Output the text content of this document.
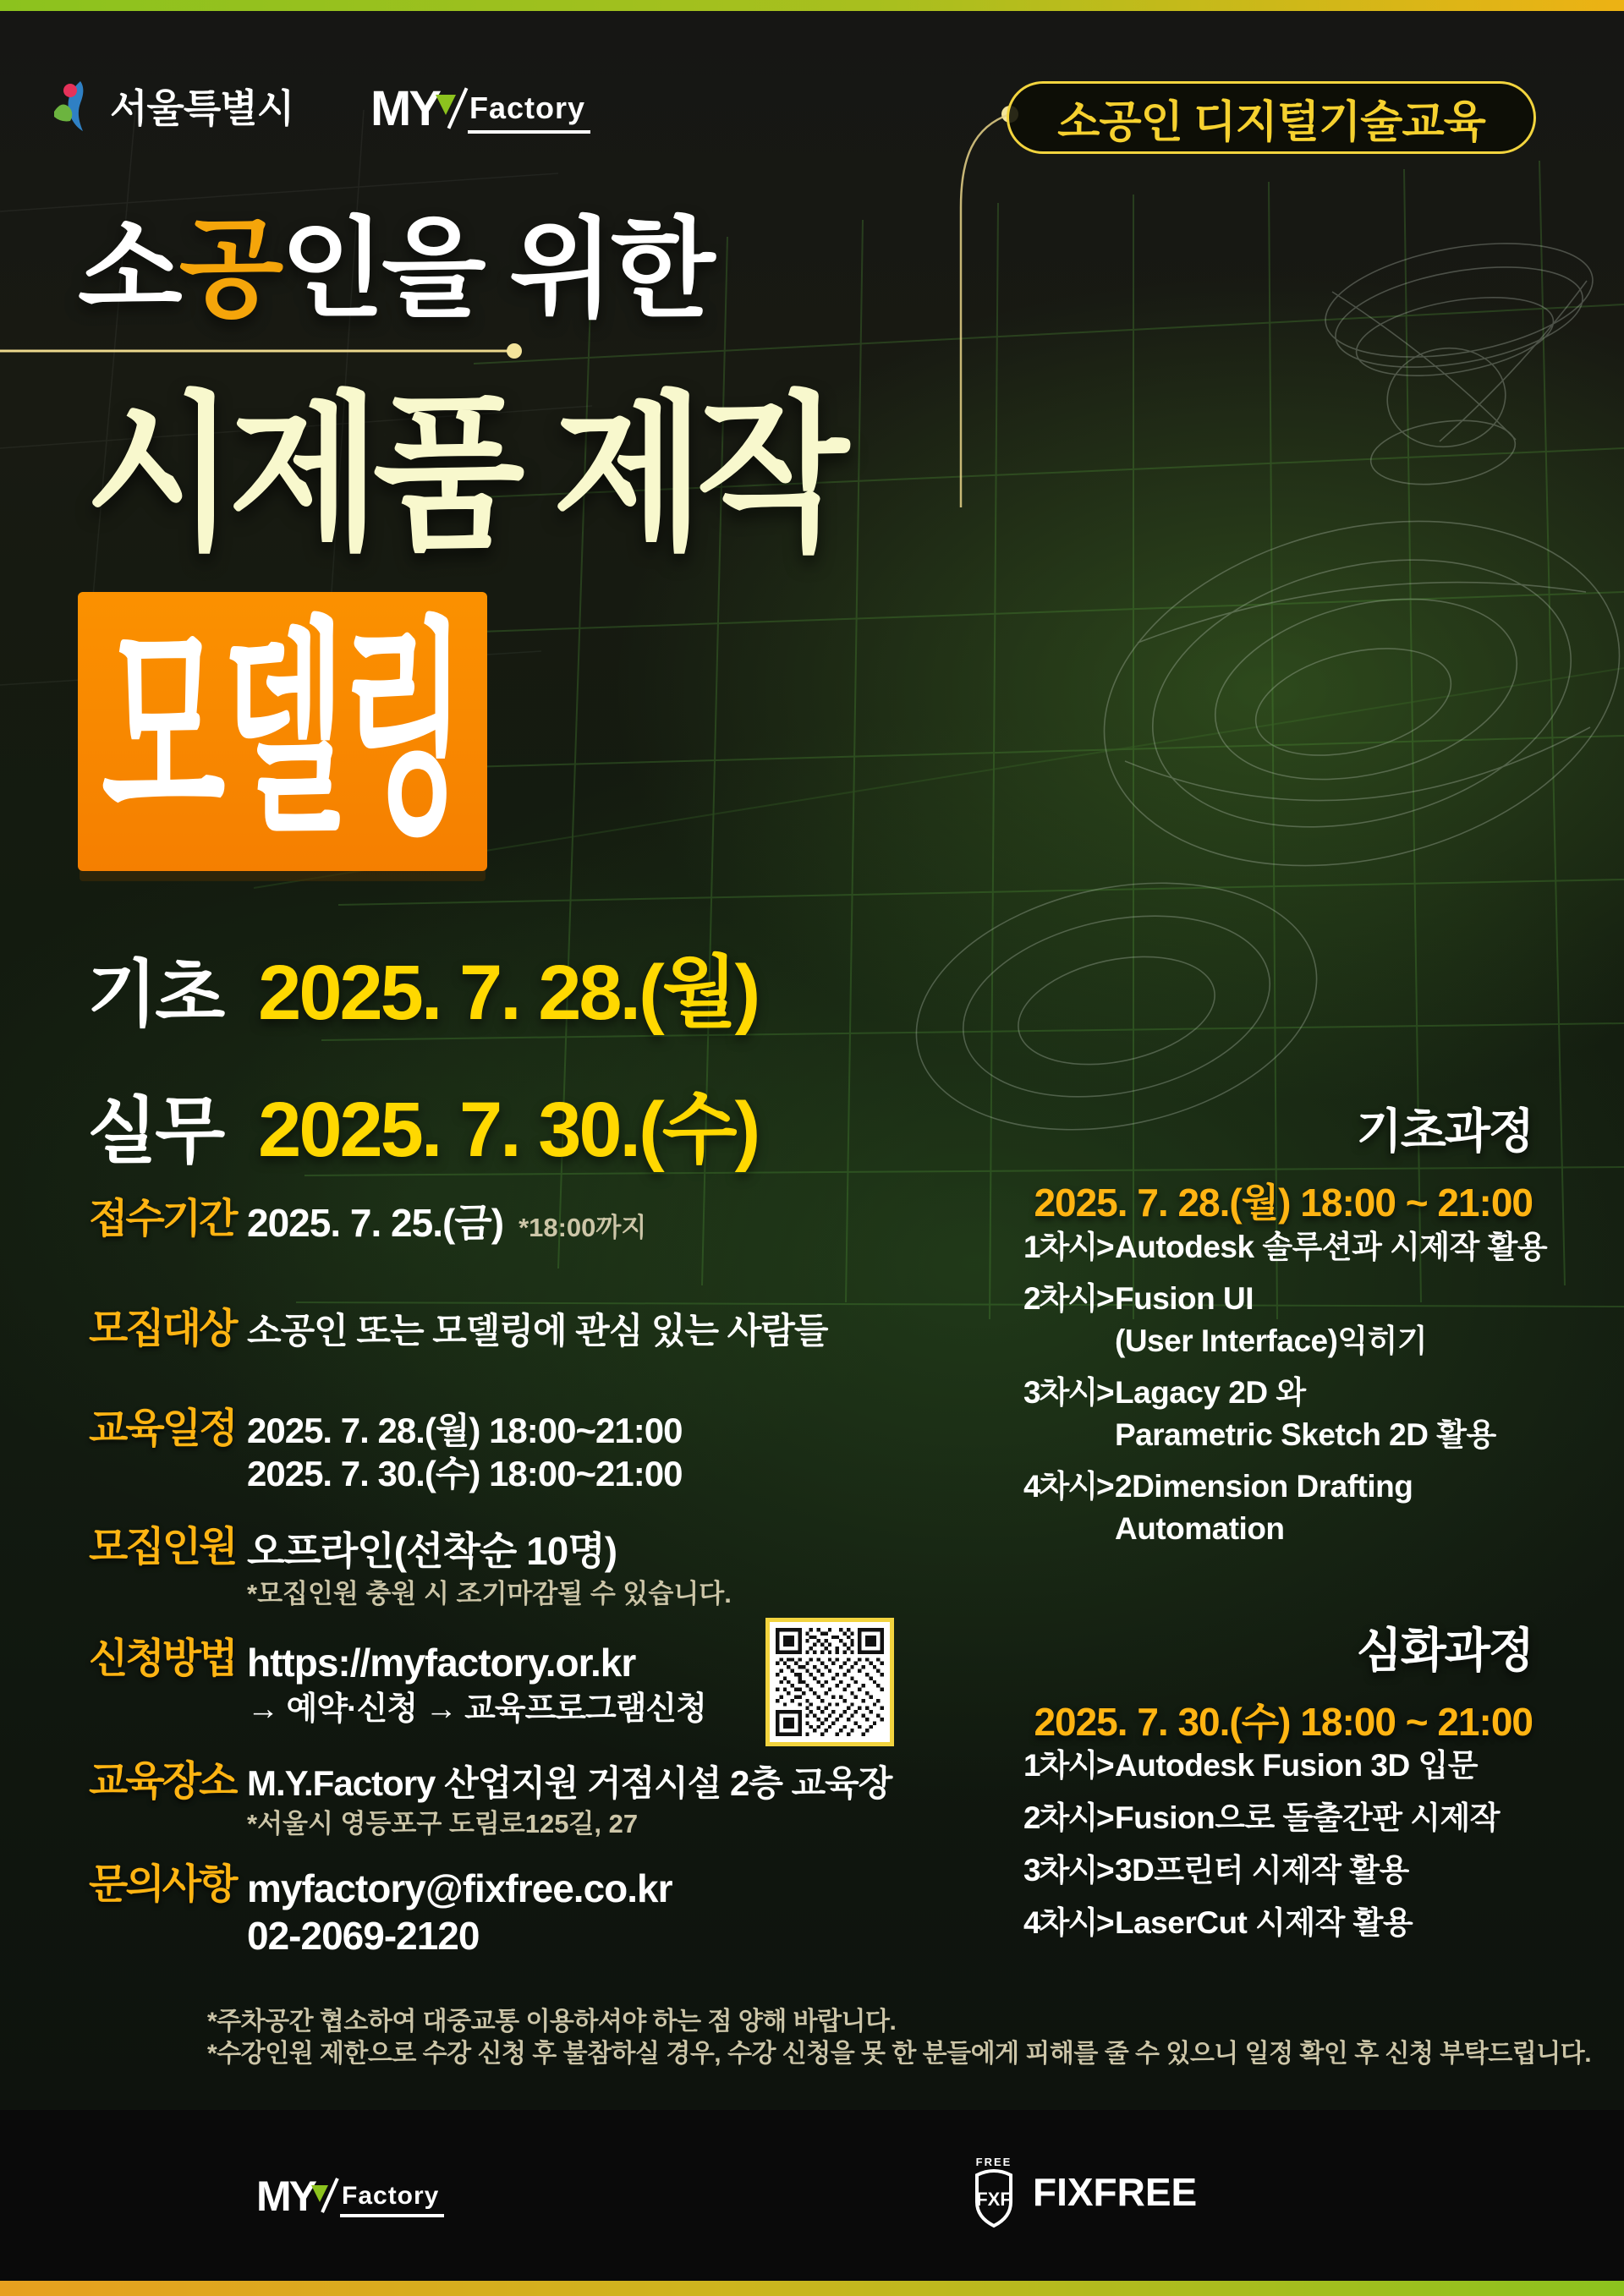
서울특별시 MY Factory	소공인 디지털기술교육
소공인을 위한
시제품 제작
모델링
기초 2025. 7. 28.(월)
실무 2025. 7. 30.(수)
접수기간 2025. 7. 25.(금) *18:00까지
모집대상 소공인 또는 모델링에 관심 있는 사람들
교육일정 2025. 7. 28.(월) 18:00~21:00
2025. 7. 30.(수) 18:00~21:00
모집인원 오프라인(선착순 10명)
*모집인원 충원 시 조기마감될 수 있습니다.
신청방법 https://myfactory.or.kr
→ 예약·신청 → 교육프로그램신청
교육장소 M.Y.Factory 산업지원 거점시설 2층 교육장
*서울시 영등포구 도림로125길, 27
문의사항 myfactory@fixfree.co.kr
02-2069-2120
기초과정
2025. 7. 28.(월) 18:00 ~ 21:00
1차시> Autodesk 솔루션과 시제작 활용
2차시> Fusion UI
(User Interface)익히기
3차시> Lagacy 2D 와
Parametric Sketch 2D 활용
4차시> 2Dimension Drafting
Automation
심화과정
2025. 7. 30.(수) 18:00 ~ 21:00
1차시> Autodesk Fusion 3D 입문
2차시> Fusion으로 돌출간판 시제작
3차시> 3D프린터 시제작 활용
4차시> LaserCut 시제작 활용
*주차공간 협소하여 대중교통 이용하셔야 하는 점 양해 바랍니다.
*수강인원 제한으로 수강 신청 후 불참하실 경우, 수강 신청을 못 한 분들에게 피해를 줄 수 있으니 일정 확인 후 신청 부탁드립니다.
MY Factory
FREE
FXF FIXFREE
